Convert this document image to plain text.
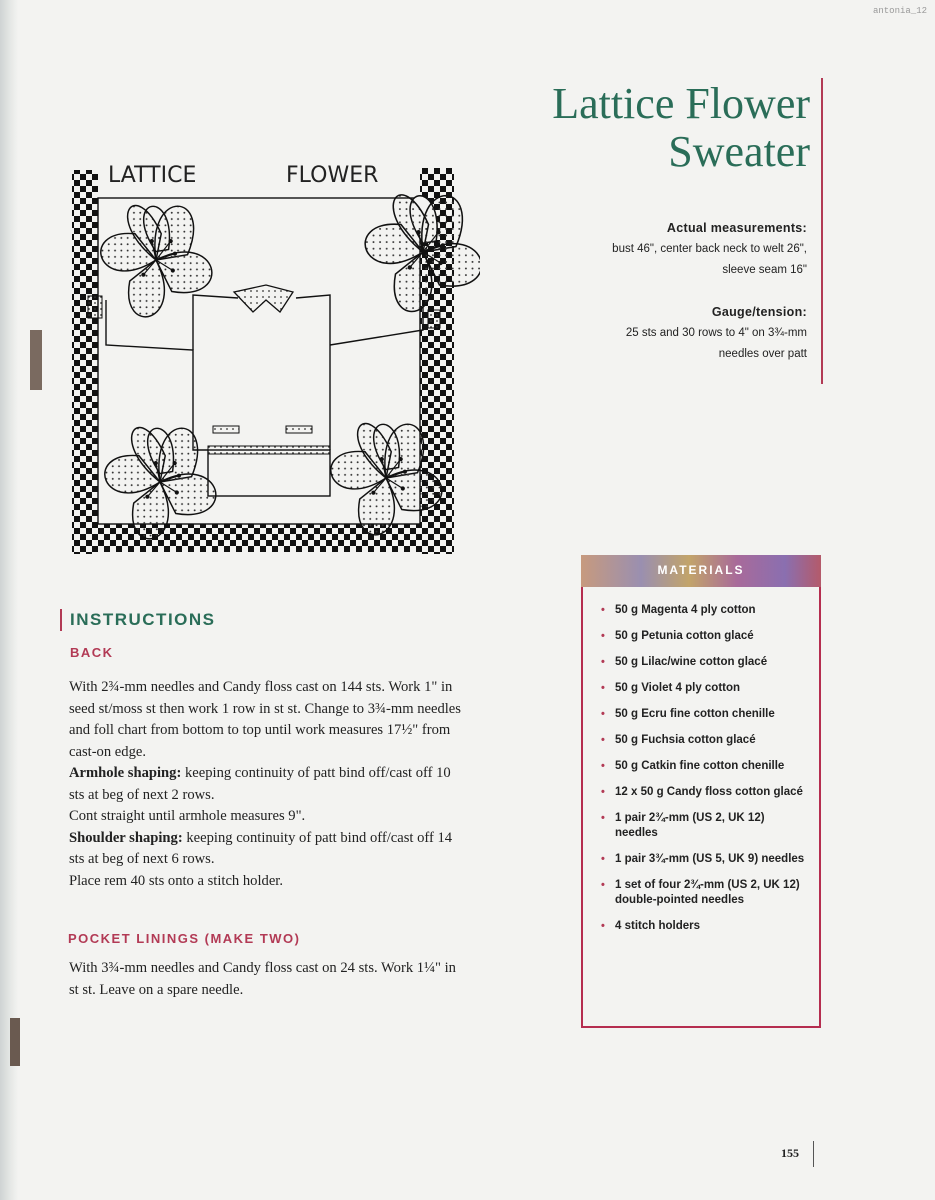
antonia_12
Lattice Flower
Sweater
Actual measurements:
bust 46", center back neck to welt 26",
sleeve seam 16"
Gauge/tension:
25 sts and 30 rows to 4" on 3¾-mm
needles over patt
LATTICE	FLOWER
INSTRUCTIONS
BACK

With 2¾-mm needles and Candy floss cast on 144 sts. Work 1" in seed st/moss st then work 1 row in st st. Change to 3¾-mm needles and foll chart from bottom to top until work measures 17½" from cast-on edge.

Armhole shaping: keeping continuity of patt bind off/cast off 10 sts at beg of next 2 rows.

Cont straight until armhole measures 9".

Shoulder shaping: keeping continuity of patt bind off/cast off 14 sts at beg of next 6 rows.

Place rem 40 sts onto a stitch holder.

POCKET LININGS (MAKE TWO)

With 3¾-mm needles and Candy floss cast on 24 sts. Work 1¼" in st st. Leave on a spare needle.

MATERIALS
• 50 g Magenta 4 ply cotton
• 50 g Petunia cotton glacé
• 50 g Lilac/wine cotton glacé
• 50 g Violet 4 ply cotton
• 50 g Ecru fine cotton chenille
• 50 g Fuchsia cotton glacé
• 50 g Catkin fine cotton chenille
• 12 x 50 g Candy floss cotton glacé
• 1 pair 2¾-mm (US 2, UK 12) needles
• 1 pair 3¾-mm (US 5, UK 9) needles
• 1 set of four 2¾-mm (US 2, UK 12) double-pointed needles
• 4 stitch holders
155
